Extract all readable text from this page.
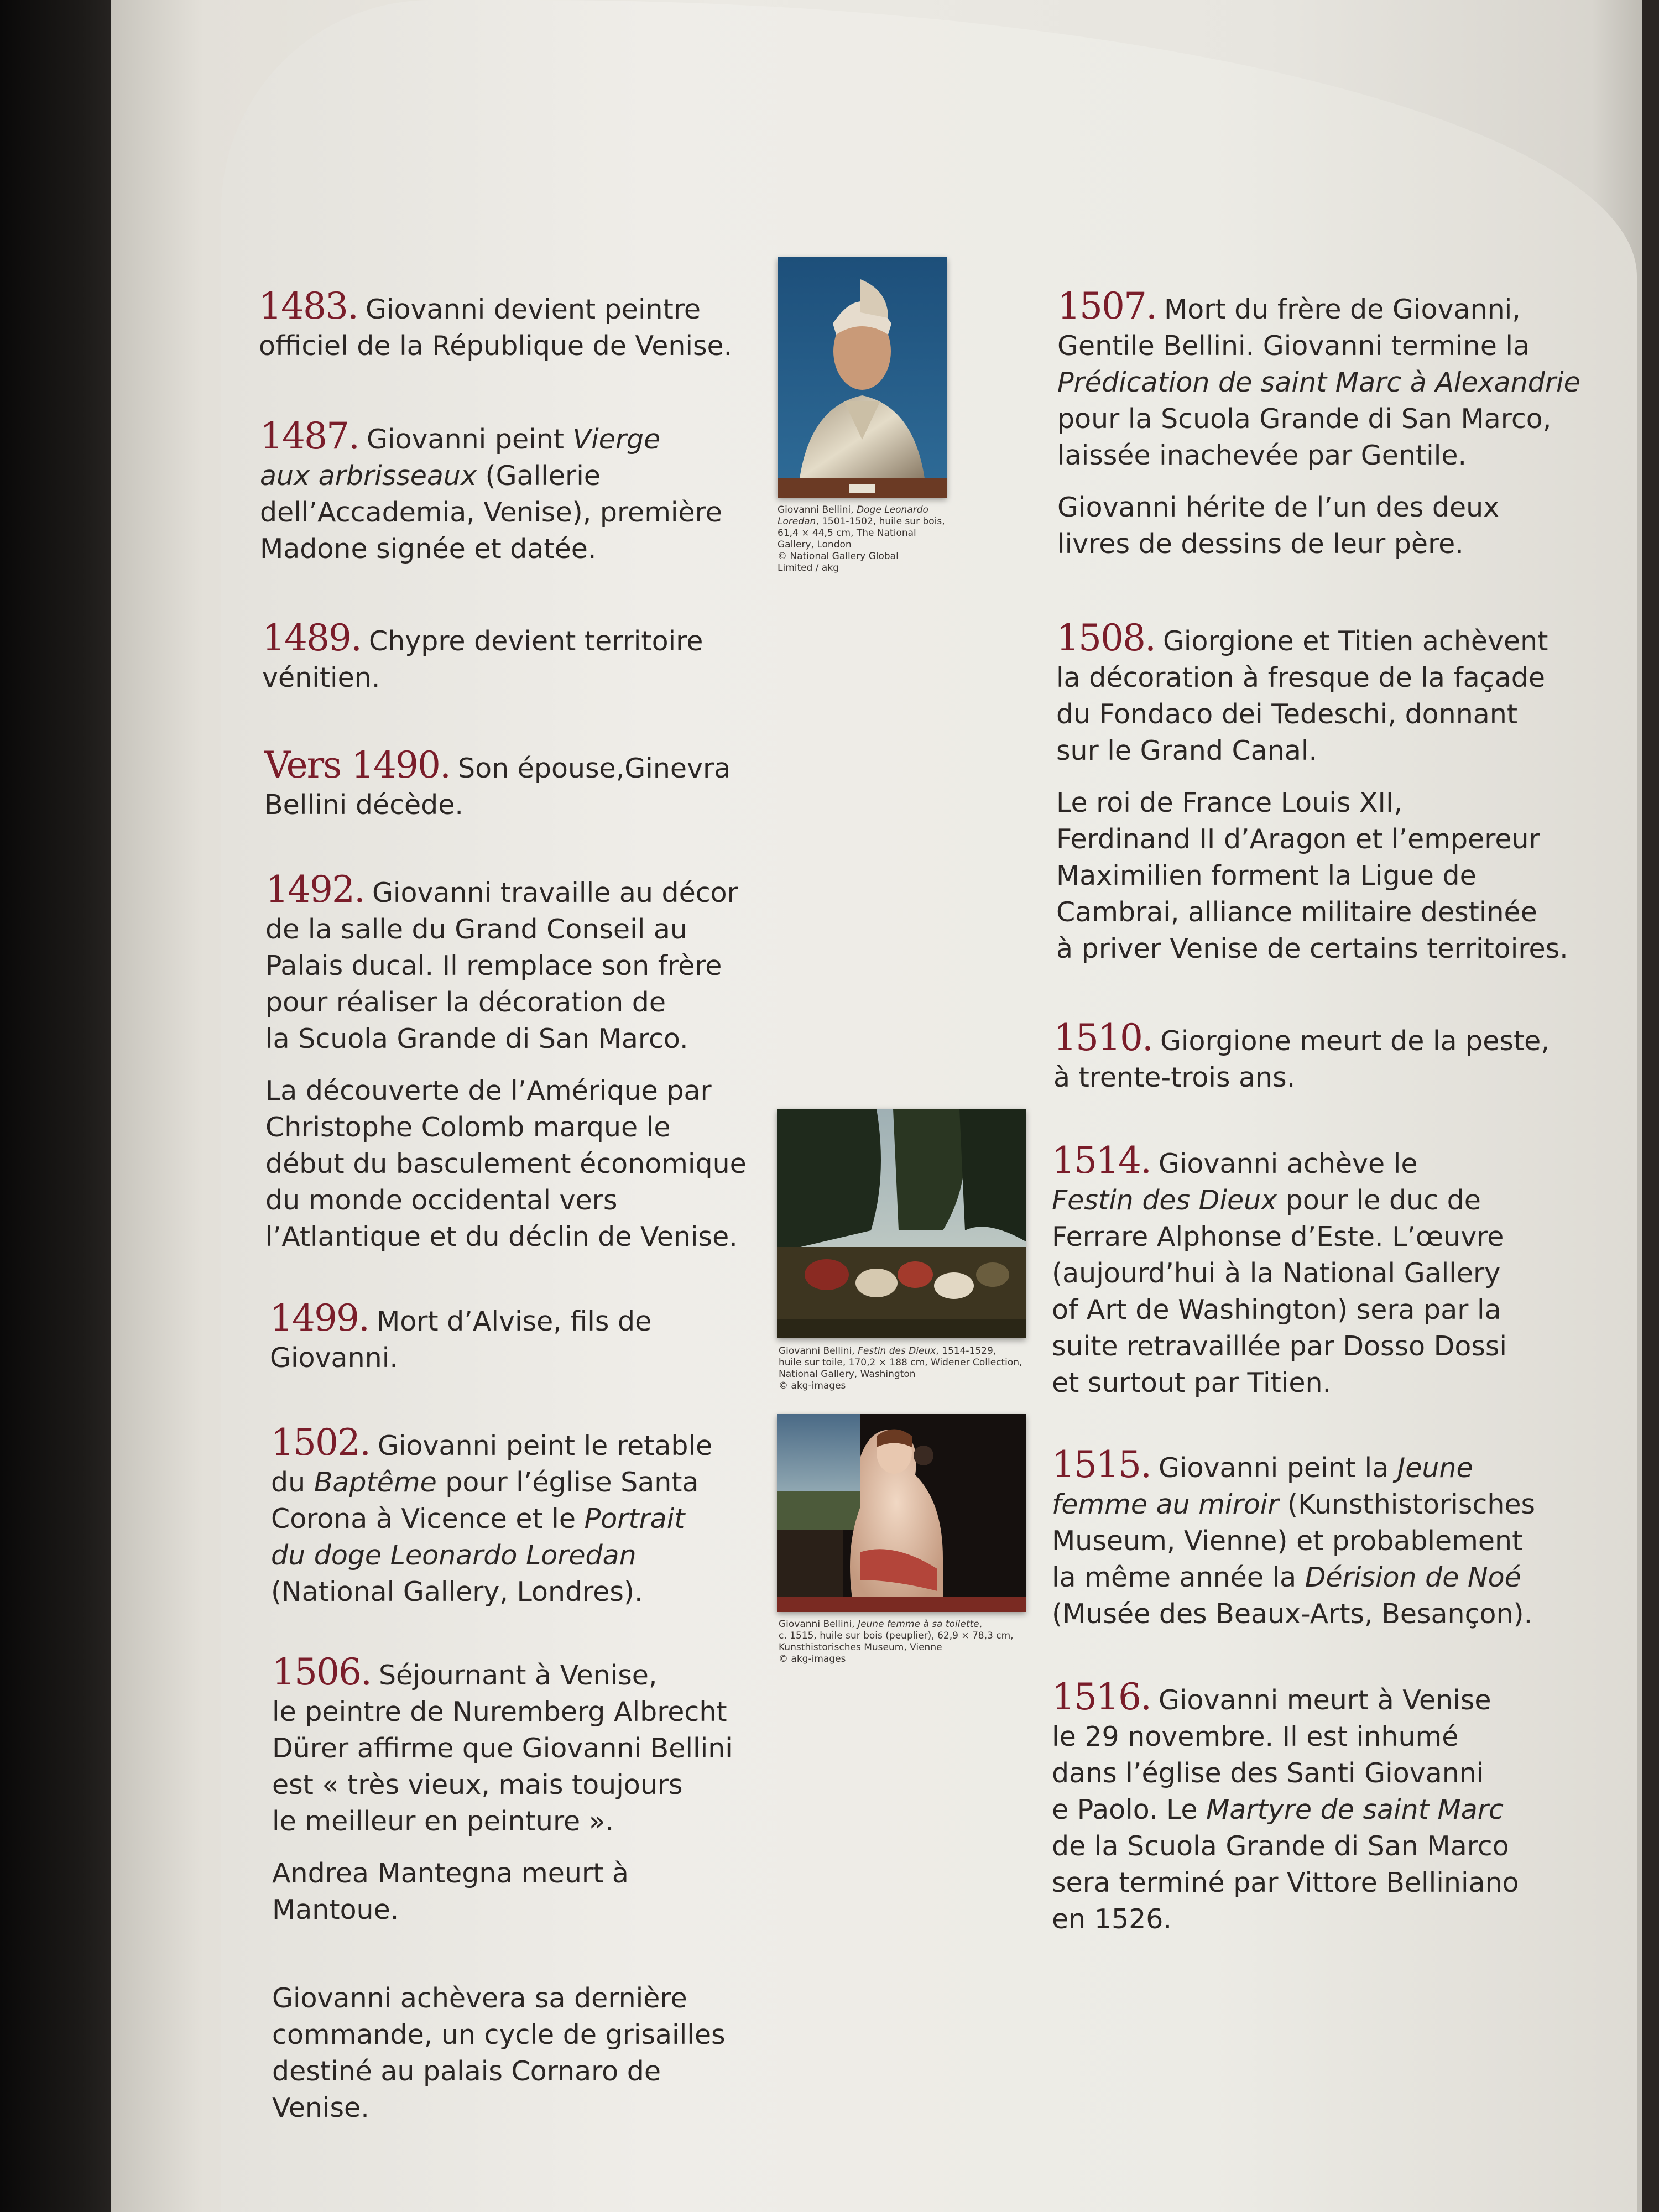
1483. Giovanni devient peintre
officiel de la République de Venise.

1487. Giovanni peint Vierge
aux arbrisseaux (Gallerie
dell’Accademia, Venise), première
Madone signée et datée.

1489. Chypre devient territoire
vénitien.

Vers 1490. Son épouse,Ginevra
Bellini décède.

1492. Giovanni travaille au décor
de la salle du Grand Conseil au
Palais ducal. Il remplace son frère
pour réaliser la décoration de
la Scuola Grande di San Marco.

La découverte de l’Amérique par
Christophe Colomb marque le
début du basculement économique
du monde occidental vers
l’Atlantique et du déclin de Venise.

1499. Mort d’Alvise, fils de
Giovanni.

1502. Giovanni peint le retable
du Baptême pour l’église Santa
Corona à Vicence et le Portrait
du doge Leonardo Loredan
(National Gallery, Londres).

1506. Séjournant à Venise,
le peintre de Nuremberg Albrecht
Dürer affirme que Giovanni Bellini
est « très vieux, mais toujours
le meilleur en peinture ».

Andrea Mantegna meurt à
Mantoue.

Giovanni achèvera sa dernière
commande, un cycle de grisailles
destiné au palais Cornaro de
Venise.

1507. Mort du frère de Giovanni,
Gentile Bellini. Giovanni termine la
Prédication de saint Marc à Alexandrie
pour la Scuola Grande di San Marco,
laissée inachevée par Gentile.

Giovanni hérite de l’un des deux
livres de dessins de leur père.

1508. Giorgione et Titien achèvent
la décoration à fresque de la façade
du Fondaco dei Tedeschi, donnant
sur le Grand Canal.

Le roi de France Louis XII,
Ferdinand II d’Aragon et l’empereur
Maximilien forment la Ligue de
Cambrai, alliance militaire destinée
à priver Venise de certains territoires.

1510. Giorgione meurt de la peste,
à trente-trois ans.

1514. Giovanni achève le
Festin des Dieux pour le duc de
Ferrare Alphonse d’Este. L’œuvre
(aujourd’hui à la National Gallery
of Art de Washington) sera par la
suite retravaillée par Dosso Dossi
et surtout par Titien.

1515. Giovanni peint la Jeune
femme au miroir (Kunsthistorisches
Museum, Vienne) et probablement
la même année la Dérision de Noé
(Musée des Beaux-Arts, Besançon).

1516. Giovanni meurt à Venise
le 29 novembre. Il est inhumé
dans l’église des Santi Giovanni
e Paolo. Le Martyre de saint Marc
de la Scuola Grande di San Marco
sera terminé par Vittore Belliniano
en 1526.

Giovanni Bellini, Doge Leonardo
Loredan, 1501-1502, huile sur bois,
61,4 × 44,5 cm, The National
Gallery, London
© National Gallery Global
Limited / akg
Giovanni Bellini, Festin des Dieux, 1514-1529,
huile sur toile, 170,2 × 188 cm, Widener Collection,
National Gallery, Washington
© akg-images
Giovanni Bellini, Jeune femme à sa toilette,
c. 1515, huile sur bois (peuplier), 62,9 × 78,3 cm,
Kunsthistorisches Museum, Vienne
© akg-images
